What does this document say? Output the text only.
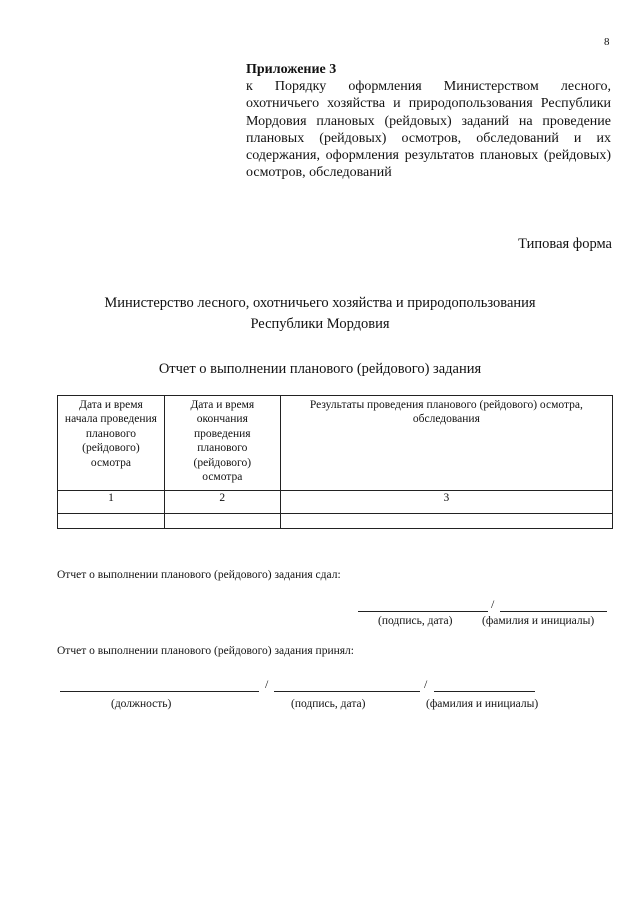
8
Приложение 3
к Порядку оформления Министерством лесного, охотничьего хозяйства и природопользования Республики Мордовия плановых (рейдовых) заданий на проведение плановых (рейдовых) осмотров, обследований и их содержания, оформления результатов плановых (рейдовых) осмотров, обследований
Типовая форма
Министерство лесного, охотничьего хозяйства и природопользования
Республики Мордовия
Отчет о выполнении планового (рейдового) задания
Дата и время начала проведения планового (рейдового) осмотра	Дата и время окончания проведения планового (рейдового) осмотра	Результаты проведения планового (рейдового) осмотра, обследования

1	2	3

Отчет о выполнении планового (рейдового) задания сдал:
/
(подпись, дата)	(фамилия и инициалы)
Отчет о выполнении планового (рейдового) задания принял:
/	/
(должность)	(подпись, дата)	(фамилия и инициалы)
